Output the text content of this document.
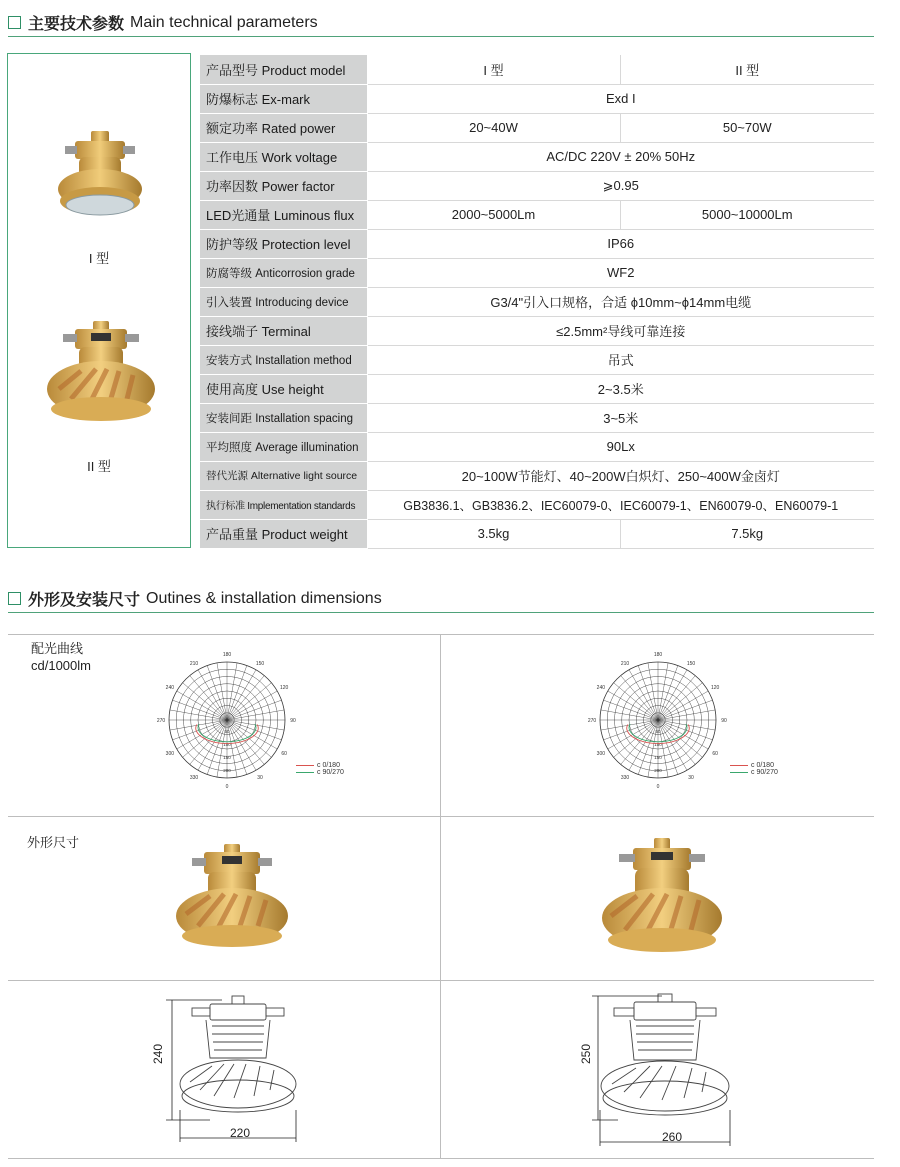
主要技术参数 Main technical parameters
I 型
II 型
产品型号 Product model	I 型	II 型
防爆标志 Ex-mark	Exd I	
额定功率 Rated power	20~40W	50~70W
工作电压 Work voltage	AC/DC 220V ± 20% 50Hz	
功率因数 Power factor	⩾0.95	
LED光通量 Luminous flux	2000~5000Lm	5000~10000Lm
防护等级 Protection level	IP66	
防腐等级 Anticorrosion grade	WF2	
引入装置 Introducing device	G3/4"引入口规格，合适 ϕ10mm~ϕ14mm电缆	
接线端子 Terminal	≤2.5mm²导线可靠连接	
安装方式 Installation method	吊式	
使用高度 Use height	2~3.5米	
安装间距 Installation spacing	3~5米	
平均照度 Average illumination	90Lx	
替代光源 Alternative light source	20~100W节能灯、40~200W白炽灯、250~400W金卤灯	
执行标准 Implementation standards	GB3836.1、GB3836.2、IEC60079-0、IEC60079-1、EN60079-0、EN60079-1	
产品重量 Product weight	3.5kg	7.5kg
外形及安装尺寸 Outines & installation dimensions
配光曲线
cd/1000lm
外形尺寸
180
150
120
90
60
30
0
330
300
270
240
210
50
100
150
200
c 0/180
c 90/270
180
150
120
90
60
30
0
330
300
270
240
210
50
100
150
200
c 0/180
c 90/270
240
220
250
260
